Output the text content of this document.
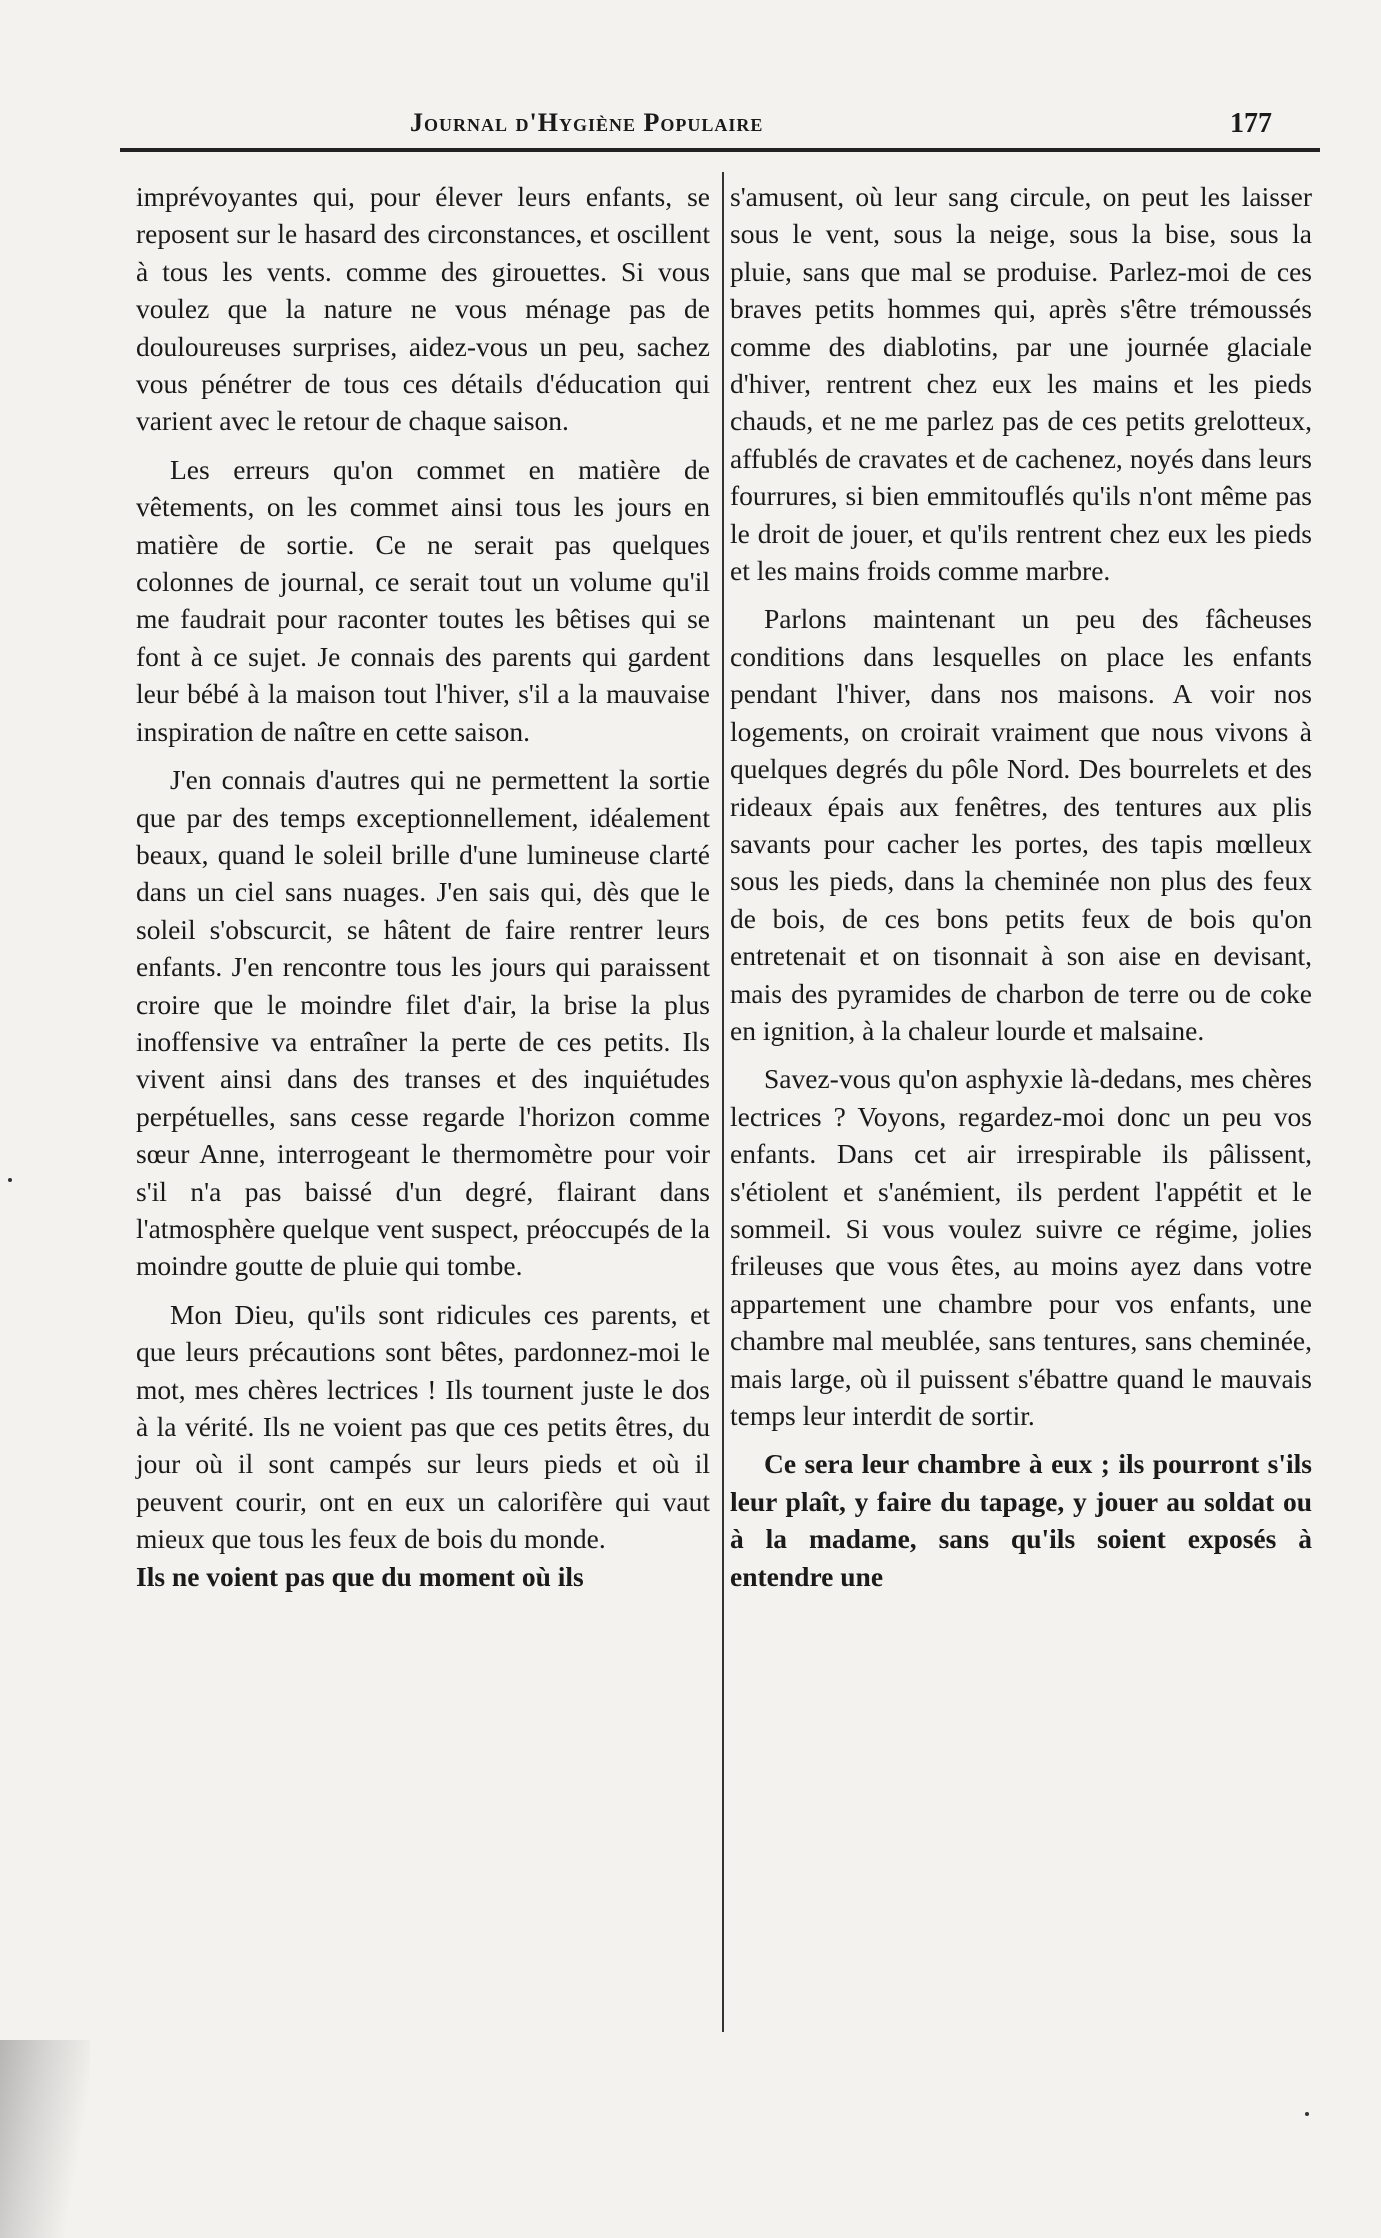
Journal d'Hygiène Populaire	177

imprévoyantes qui, pour élever leurs enfants, se reposent sur le hasard des circonstances, et oscillent à tous les vents. comme des girouettes. Si vous voulez que la nature ne vous ménage pas de douloureuses surprises, aidez-vous un peu, sachez vous pénétrer de tous ces détails d'éducation qui varient avec le retour de chaque saison.

Les erreurs qu'on commet en matière de vêtements, on les commet ainsi tous les jours en matière de sortie. Ce ne serait pas quelques colonnes de journal, ce serait tout un volume qu'il me faudrait pour raconter toutes les bêtises qui se font à ce sujet. Je connais des parents qui gardent leur bébé à la maison tout l'hiver, s'il a la mauvaise inspiration de naître en cette saison.

J'en connais d'autres qui ne permettent la sortie que par des temps exceptionnellement, idéalement beaux, quand le soleil brille d'une lumineuse clarté dans un ciel sans nuages. J'en sais qui, dès que le soleil s'obscurcit, se hâtent de faire rentrer leurs enfants. J'en rencontre tous les jours qui paraissent croire que le moindre filet d'air, la brise la plus inoffensive va entraîner la perte de ces petits. Ils vivent ainsi dans des transes et des inquiétudes perpétuelles, sans cesse regarde l'horizon comme sœur Anne, interrogeant le thermomètre pour voir s'il n'a pas baissé d'un degré, flairant dans l'atmosphère quelque vent suspect, préoccupés de la moindre goutte de pluie qui tombe.

Mon Dieu, qu'ils sont ridicules ces parents, et que leurs précautions sont bêtes, pardonnez-moi le mot, mes chères lectrices ! Ils tournent juste le dos à la vérité. Ils ne voient pas que ces petits êtres, du jour où il sont campés sur leurs pieds et où il peuvent courir, ont en eux un calorifère qui vaut mieux que tous les feux de bois du monde.

Ils ne voient pas que du moment où ils

s'amusent, où leur sang circule, on peut les laisser sous le vent, sous la neige, sous la bise, sous la pluie, sans que mal se produise. Parlez-moi de ces braves petits hommes qui, après s'être trémoussés comme des diablotins, par une journée glaciale d'hiver, rentrent chez eux les mains et les pieds chauds, et ne me parlez pas de ces petits grelotteux, affublés de cravates et de cachenez, noyés dans leurs fourrures, si bien emmitouflés qu'ils n'ont même pas le droit de jouer, et qu'ils rentrent chez eux les pieds et les mains froids comme marbre.

Parlons maintenant un peu des fâcheuses conditions dans lesquelles on place les enfants pendant l'hiver, dans nos maisons. A voir nos logements, on croirait vraiment que nous vivons à quelques degrés du pôle Nord. Des bourrelets et des rideaux épais aux fenêtres, des tentures aux plis savants pour cacher les portes, des tapis mœlleux sous les pieds, dans la cheminée non plus des feux de bois, de ces bons petits feux de bois qu'on entretenait et on tisonnait à son aise en devisant, mais des pyramides de charbon de terre ou de coke en ignition, à la chaleur lourde et malsaine.

Savez-vous qu'on asphyxie là-dedans, mes chères lectrices ? Voyons, regardez-moi donc un peu vos enfants. Dans cet air irrespirable ils pâlissent, s'étiolent et s'anémient, ils perdent l'appétit et le sommeil. Si vous voulez suivre ce régime, jolies frileuses que vous êtes, au moins ayez dans votre appartement une chambre pour vos enfants, une chambre mal meublée, sans tentures, sans cheminée, mais large, où il puissent s'ébattre quand le mauvais temps leur interdit de sortir.

Ce sera leur chambre à eux ; ils pourront s'ils leur plaît, y faire du tapage, y jouer au soldat ou à la madame, sans qu'ils soient exposés à entendre une
